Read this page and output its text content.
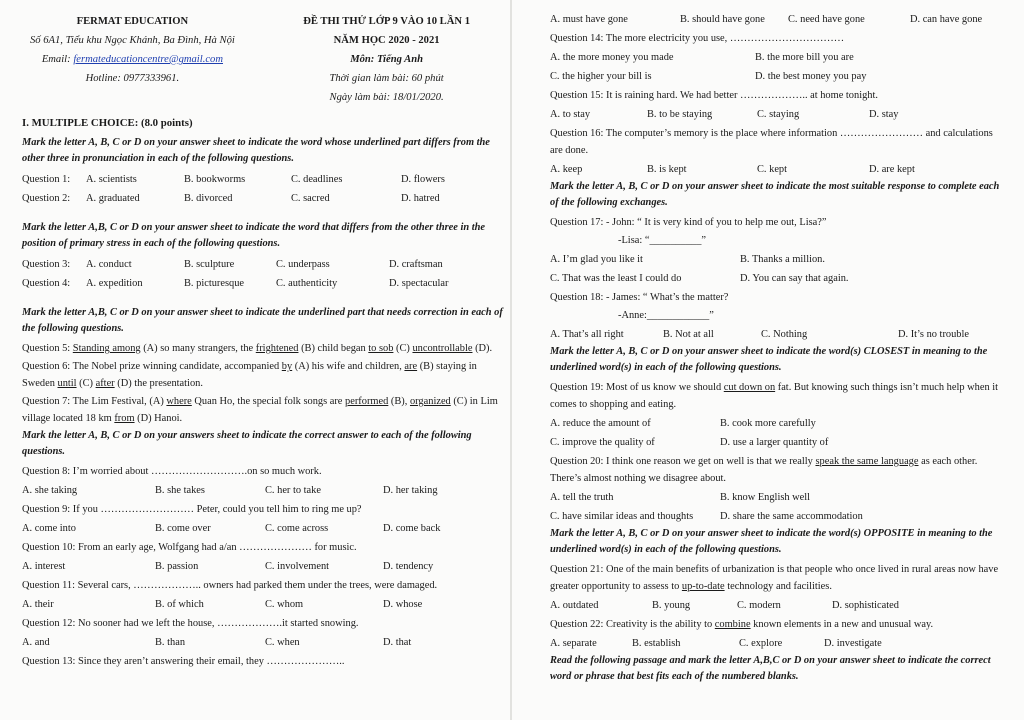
FERMAT EDUCATION
Số 6A1, Tiểu khu Ngọc Khánh, Ba Đình, Hà Nội
Email: fermateducationcentre@gmail.com
Hotline: 0977333961.
ĐỀ THI THỬ LỚP 9 VÀO 10 LẦN 1
NĂM HỌC 2020 - 2021
Môn: Tiếng Anh
Thời gian làm bài: 60 phút
Ngày làm bài: 18/01/2020.
I. MULTIPLE CHOICE: (8.0 points)
Mark the letter A, B, C or D on your answer sheet to indicate the word whose underlined part differs from the other three in pronunciation in each of the following questions.
Question 1:	A. scientists	B. bookworms	C. deadlines	D. flowers
Question 2:	A. graduated	B. divorced	C. sacred	D. hatred
Mark the letter A,B, C or D on your answer sheet to indicate the word that differs from the other three in the position of primary stress in each of the following questions.
Question 3:	A. conduct	B. sculpture	C. underpass	D. craftsman
Question 4:	A. expedition	B. picturesque	C. authenticity	D. spectacular
Mark the letter A,B, C or D on your answer sheet to indicate the underlined part that needs correction in each of the following questions.
Question 5: Standing among (A) so many strangers, the frightened (B) child began to sob (C) uncontrollable (D).
Question 6: The Nobel prize winning candidate, accompanied by (A) his wife and children, are (B) staying in Sweden until (C) after (D) the presentation.
Question 7: The Lim Festival, (A) where Quan Ho, the special folk songs are performed (B), organized (C) in Lim village located 18 km from (D) Hanoi.
Mark the letter A, B, C or D on your answers sheet to indicate the correct answer to each of the following questions.
Question 8: I’m worried about ……………………….on so much work.
A. she taking	B. she takes	C. her to take	D. her taking
Question 9: If you ……………………… Peter, could you tell him to ring me up?
A. come into	B. come over	C. come across	D. come back
Question 10: From an early age, Wolfgang had a/an ………………… for music.
A. interest	B. passion	C. involvement	D. tendency
Question 11: Several cars, ……………….. owners had parked them under the trees, were damaged.
A. their	B. of which	C. whom	D. whose
Question 12: No sooner had we left the house, ……………….it started snowing.
A. and	B. than	C. when	D. that
Question 13: Since they aren’t answering their email, they …………………..
A. must have gone	B. should have gone	C. need have gone	D. can have gone
Question 14: The more electricity you use, ……………………………
A. the more money you made	B. the more bill you are
C. the higher your bill is	D. the best money you pay
Question 15: It is raining hard. We had better ……………….. at home tonight.
A. to stay	B. to be staying	C. staying	D. stay
Question 16: The computer’s memory is the place where information …………………… and calculations are done.
A. keep	B. is kept	C. kept	D. are kept
Mark the letter A, B, C or D on your answer sheet to indicate the most suitable response to complete each of the following exchanges.
Question 17: - John: “ It is very kind of you to help me out, Lisa?”
-Lisa: “__________”
A. I’m glad you like it	B. Thanks a million.
C. That was the least I could do	D. You can say that again.
Question 18: - James: “ What’s the matter?
-Anne:____________”
A. That’s all right	B. Not at all	C. Nothing	D. It’s no trouble
Mark the letter A, B, C or D on your answer sheet to indicate the word(s) CLOSEST in meaning to the underlined word(s) in each of the following questions.
Question 19: Most of us know we should cut down on fat. But knowing such things isn’t much help when it comes to shopping and eating.
A. reduce the amount of	B. cook more carefully
C. improve the quality of	D. use a larger quantity of
Question 20: I think one reason we get on well is that we really speak the same language as each other. There’s almost nothing we disagree about.
A. tell the truth	B. know English well
C. have similar ideas and thoughts	D. share the same accommodation
Mark the letter A, B, C or D on your answer sheet to indicate the word(s) OPPOSITE in meaning to the underlined word(s) in each of the following questions.
Question 21: One of the main benefits of urbanization is that people who once lived in rural areas now have greater opportunity to assess to up-to-date technology and facilities.
A. outdated	B. young	C. modern	D. sophisticated
Question 22: Creativity is the ability to combine known elements in a new and unusual way.
A. separate	B. establish	C. explore	D. investigate
Read the following passage and mark the letter A,B,C or D on your answer sheet to indicate the correct word or phrase that best fits each of the numbered blanks.
